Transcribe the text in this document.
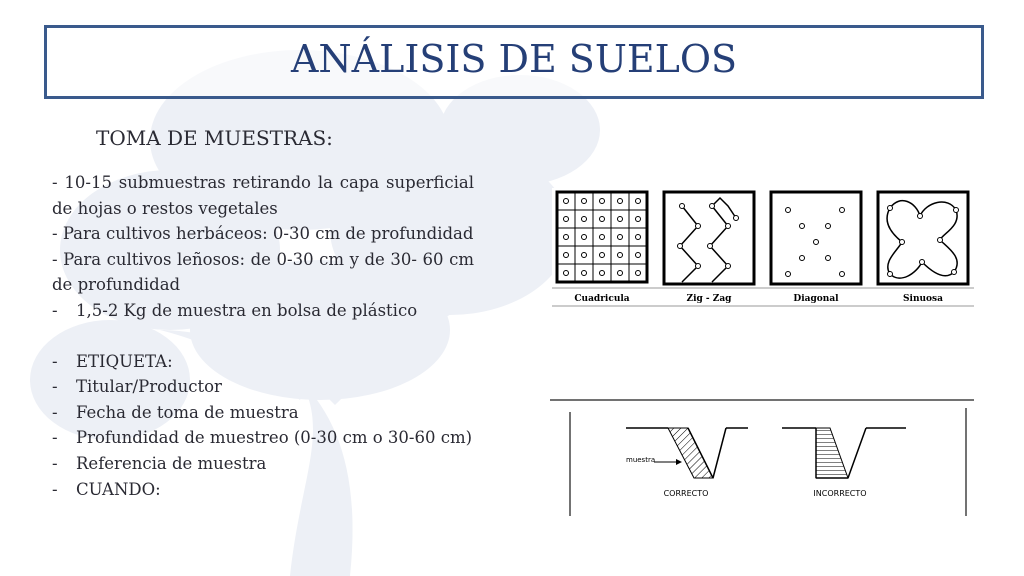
ANÁLISIS DE SUELOS
TOMA DE MUESTRAS:

- 10-15 submuestras retirando la capa superficial de hojas o restos vegetales

- Para cultivos herbáceos: 0-30 cm de profundidad

- Para cultivos leñosos: de 0-30 cm y de 30- 60 cm de profundidad

- 1,5-2 Kg de muestra en bolsa de plástico

- ETIQUETA:

- Titular/Productor

- Fecha de toma de muestra

- Profundidad de muestreo (0-30 cm o 30-60 cm)

- Referencia de muestra

- CUANDO:

Cuadricula	Zig - Zag	Diagonal	Sinuosa
muestra
CORRECTO	INCORRECTO
